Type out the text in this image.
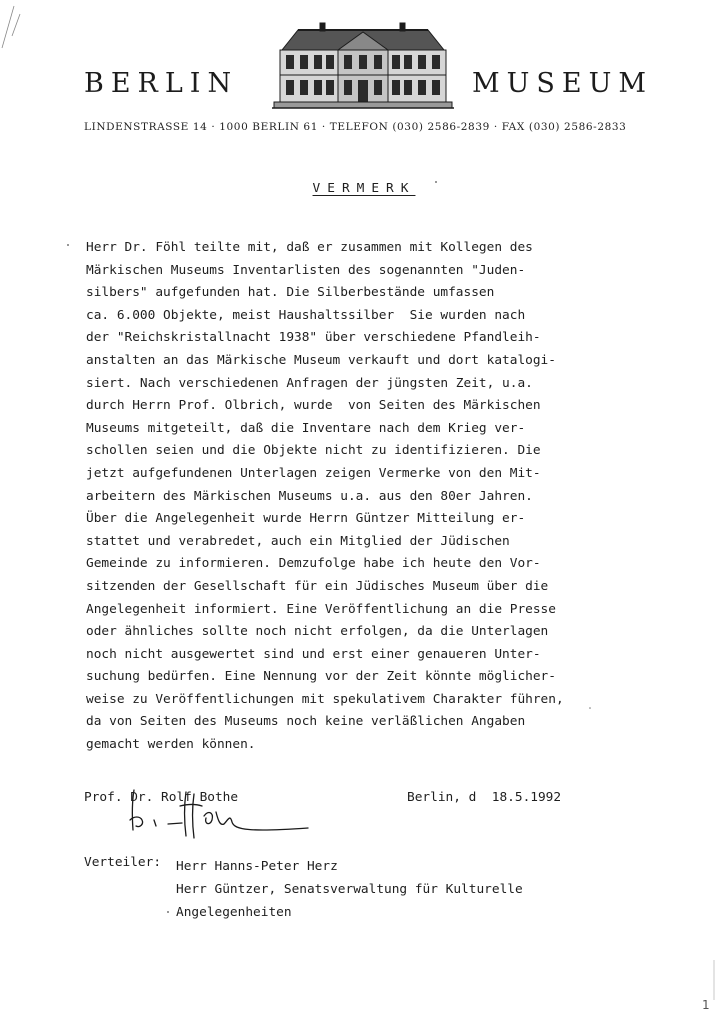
BERLIN	MUSEUM
LINDENSTRASSE 14 · 1000 BERLIN 61 · TELEFON (030) 2586-2839 · FAX (030) 2586-2833
VERMERK
Herr Dr. Föhl teilte mit, daß er zusammen mit Kollegen des
Märkischen Museums Inventarlisten des sogenannten "Juden-
silbers" aufgefunden hat. Die Silberbestände umfassen
ca. 6.000 Objekte, meist Haushaltssilber  Sie wurden nach
der "Reichskristallnacht 1938" über verschiedene Pfandleih-
anstalten an das Märkische Museum verkauft und dort katalogi-
siert. Nach verschiedenen Anfragen der jüngsten Zeit, u.a.
durch Herrn Prof. Olbrich, wurde  von Seiten des Märkischen
Museums mitgeteilt, daß die Inventare nach dem Krieg ver-
schollen seien und die Objekte nicht zu identifizieren. Die
jetzt aufgefundenen Unterlagen zeigen Vermerke von den Mit-
arbeitern des Märkischen Museums u.a. aus den 80er Jahren.
Über die Angelegenheit wurde Herrn Güntzer Mitteilung er-
stattet und verabredet, auch ein Mitglied der Jüdischen
Gemeinde zu informieren. Demzufolge habe ich heute den Vor-
sitzenden der Gesellschaft für ein Jüdisches Museum über die
Angelegenheit informiert. Eine Veröffentlichung an die Presse
oder ähnliches sollte noch nicht erfolgen, da die Unterlagen
noch nicht ausgewertet sind und erst einer genaueren Unter-
suchung bedürfen. Eine Nennung vor der Zeit könnte möglicher-
weise zu Veröffentlichungen mit spekulativem Charakter führen,
da von Seiten des Museums noch keine verläßlichen Angaben
gemacht werden können.
Prof. Dr. Rolf Bothe	Berlin, d  18.5.1992
Verteiler: Herr Hanns-Peter Herz
Herr Güntzer, Senatsverwaltung für Kulturelle
Angelegenheiten
1
